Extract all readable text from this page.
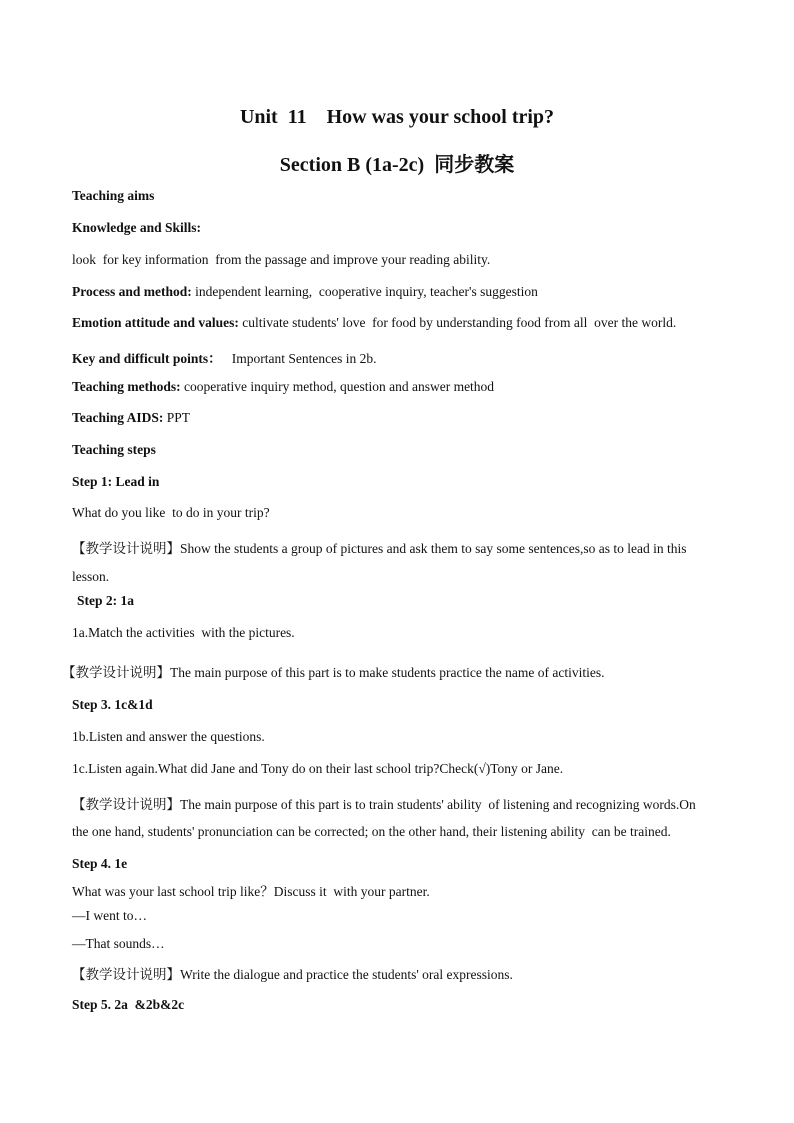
Unit  11    How was your school trip?
Section B (1a-2c)  同步教案
Teaching aims
Knowledge and Skills:
look  for key information  from the passage and improve your reading ability.
Process and method: independent learning,  cooperative inquiry, teacher's suggestion
Emotion attitude and values: cultivate students' love  for food by understanding food from all  over the world.
Key and difficult points：   Important Sentences in 2b.
Teaching methods: cooperative inquiry method, question and answer method
Teaching AIDS: PPT
Teaching steps
Step 1: Lead in
What do you like  to do in your trip?
【教学设计说明】Show the students a group of pictures and ask them to say some sentences,so as to lead in this
lesson.
Step 2: 1a
1a.Match the activities  with the pictures.
【教学设计说明】The main purpose of this part is to make students practice the name of activities.
Step 3. 1c&1d
1b.Listen and answer the questions.
1c.Listen again.What did Jane and Tony do on their last school trip?Check(√)Tony or Jane.
【教学设计说明】The main purpose of this part is to train students' ability  of listening and recognizing words.On
the one hand, students' pronunciation can be corrected; on the other hand, their listening ability  can be trained.
Step 4. 1e
What was your last school trip like？Discuss it  with your partner.
—I went to…
—That sounds…
【教学设计说明】Write the dialogue and practice the students' oral expressions.
Step 5. 2a  &2b&2c
